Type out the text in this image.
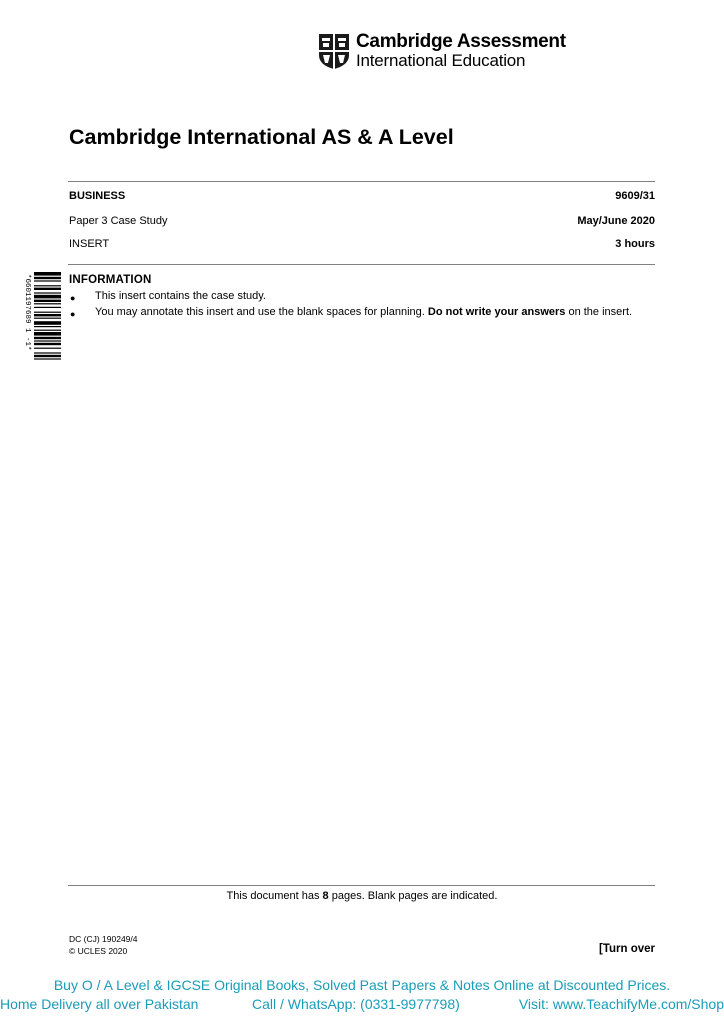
Cambridge Assessment
International Education
Cambridge International AS & A Level
BUSINESS	9609/31
Paper 3 Case Study	May/June 2020
INSERT	3 hours
*6601197689 1 -1*	INFORMATION
● This insert contains the case study.
● You may annotate this insert and use the blank spaces for planning. Do not write your answers on the insert.
This document has 8 pages. Blank pages are indicated.
DC (CJ) 190249/4
© UCLES 2020	[Turn over
Buy O / A Level & IGCSE Original Books, Solved Past Papers & Notes Online at Discounted Prices.
Home Delivery all over Pakistan	Call / WhatsApp: (0331-9977798)	Visit: www.TeachifyMe.com/Shop
